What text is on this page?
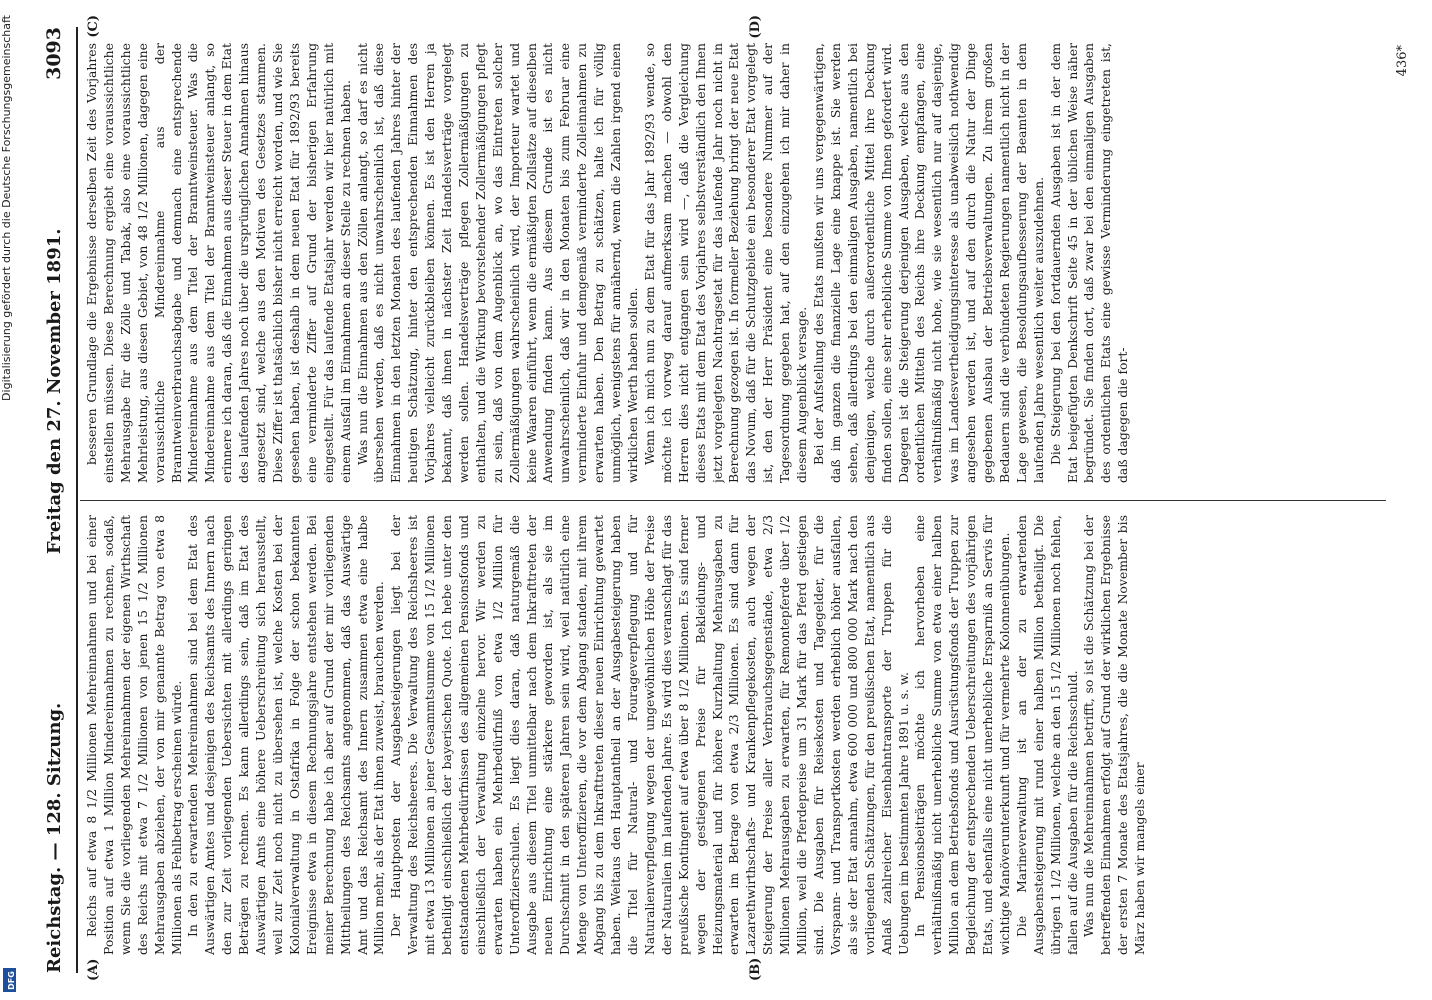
Digitalisierung gefördert durch die Deutsche Forschungsgemeinschaft
DFG
Reichstag. — 128. Sitzung.
Freitag den 27. November 1891.
3093
(A)	(B)
(C)	(D)

Reichs auf etwa 8 1/2 Millionen Mehreinnahmen und bei einer Position auf etwa 1 Million Mindereinnahmen zu rechnen, sodaß, wenn Sie die vorliegenden Mehreinnahmen der eigenen Wirthschaft des Reichs mit etwa 7 1/2 Millionen von jenen 15 1/2 Millionen Mehrausgaben abziehen, der von mir genannte Betrag von etwa 8 Millionen als Fehlbetrag erscheinen würde. In den zu erwartenden Mehreinnahmen sind bei dem Etat des Auswärtigen Amtes und desjenigen des Reichsamts des Innern nach den zur Zeit vorliegenden Uebersichten mit allerdings geringen Beträgen zu rechnen. Es kann allerdings sein, daß im Etat des Auswärtigen Amts eine höhere Ueberschreitung sich herausstellt, weil zur Zeit noch nicht zu übersehen ist, welche Kosten bei der Kolonialverwaltung in Ostafrika in Folge der schon bekannten Ereignisse etwa in diesem Rechnungsjahre entstehen werden. Bei meiner Berechnung habe ich aber auf Grund der mir vorliegenden Mittheilungen des Reichsamts angenommen, daß das Auswärtige Amt und das Reichsamt des Innern zusammen etwa eine halbe Million mehr, als der Etat ihnen zuweist, brauchen werden. Der Hauptposten der Ausgabesteigerungen liegt bei der Verwaltung des Reichsheeres. Die Verwaltung des Reichsheeres ist mit etwa 13 Millionen an jener Gesammtsumme von 15 1/2 Millionen betheiligt einschließlich der bayerischen Quote. Ich hebe unter den entstandenen Mehrbedürfnissen des allgemeinen Pensionsfonds und einschließlich der Verwaltung einzelne hervor. Wir werden zu erwarten haben ein Mehrbedürfniß von etwa 1/2 Million für Unteroffizierschulen. Es liegt dies daran, daß naturgemäß die Ausgabe aus diesem Titel unmittelbar nach dem Inkrafttreten der neuen Einrichtung eine stärkere geworden ist, als sie im Durchschnitt in den späteren Jahren sein wird, weil natürlich eine Menge von Unteroffizieren, die vor dem Abgang standen, mit ihrem Abgang bis zu dem Inkrafttreten dieser neuen Einrichtung gewartet haben. Weitaus den Hauptantheil an der Ausgabesteigerung haben die Titel für Natural- und Fourageverpflegung und für Naturalienverpflegung wegen der ungewöhnlichen Höhe der Preise der Naturalien im laufenden Jahre. Es wird dies veranschlagt für das preußische Kontingent auf etwa über 8 1/2 Millionen. Es sind ferner wegen der gestiegenen Preise für Bekleidungs- und Heizungsmaterial und für höhere Kurzhaltung Mehrausgaben zu erwarten im Betrage von etwa 2/3 Millionen. Es sind dann für Lazarethwirthschafts- und Krankenpflegekosten, auch wegen der Steigerung der Preise aller Verbrauchsgegenstände, etwa 2/3 Millionen Mehrausgaben zu erwarten, für Remontepferde über 1/2 Million, weil die Pferdepreise um 31 Mark für das Pferd gestiegen sind. Die Ausgaben für Reisekosten und Tagegelder, für die Vorspann- und Transportkosten werden erheblich höher ausfallen, als sie der Etat annahm, etwa 600 000 und 800 000 Mark nach den vorliegenden Schätzungen, für den preußischen Etat, namentlich aus Anlaß zahlreicher Eisenbahntransporte der Truppen für die Uebungen im bestimmten Jahre 1891 u. s. w. In Pensionsbeiträgen möchte ich hervorheben eine verhältnißmäßig nicht unerhebliche Summe von etwa einer halben Million an dem Betriebsfonds und Ausrüstungsfonds der Truppen zur Begleichung der entsprechenden Ueberschreitungen des vorjährigen Etats, und ebenfalls eine nicht unerhebliche Ersparniß an Servis für wichtige Manöverunterkunft und für vermehrte Kolonnenübungen. Die Marineverwaltung ist an der zu erwartenden Ausgabensteigerung mit rund einer halben Million betheiligt. Die übrigen 1 1/2 Millionen, welche an den 15 1/2 Millionen noch fehlen, fallen auf die Ausgaben für die Reichsschuld. Was nun die Mehreinnahmen betrifft, so ist die Schätzung bei der betreffenden Einnahmen erfolgt auf Grund der wirklichen Ergebnisse der ersten 7 Monate des Etatsjahres, die die Monate November bis März haben wir mangels einer

besseren Grundlage die Ergebnisse derselben Zeit des Vorjahres einstellen müssen. Diese Berechnung ergiebt eine voraussichtliche Mehrausgabe für die Zölle und Tabak, also eine voraussichtliche Mehrleistung, aus diesen Gebiet, von 48 1/2 Millionen, dagegen eine voraussichtliche Mindereinnahme aus der Branntweinverbrauchsabgabe und demnach eine entsprechende Mindereinnahme aus dem Titel der Branntweinsteuer. Was die Mindereinnahme aus dem Titel der Branntweinsteuer anlangt, so erinnere ich daran, daß die Einnahmen aus dieser Steuer in dem Etat des laufenden Jahres noch über die ursprünglichen Annahmen hinaus angesetzt sind, welche aus den Motiven des Gesetzes stammen. Diese Ziffer ist thatsächlich bisher nicht erreicht worden, und wie Sie gesehen haben, ist deshalb in dem neuen Etat für 1892/93 bereits eine verminderte Ziffer auf Grund der bisherigen Erfahrung eingestellt. Für das laufende Etatsjahr werden wir hier natürlich mit einem Ausfall im Einnahmen an dieser Stelle zu rechnen haben. Was nun die Einnahmen aus den Zöllen anlangt, so darf es nicht übersehen werden, daß es nicht unwahrscheinlich ist, daß diese Einnahmen in den letzten Monaten des laufenden Jahres hinter der heutigen Schätzung, hinter den entsprechenden Einnahmen des Vorjahres vielleicht zurückbleiben können. Es ist den Herren ja bekannt, daß ihnen in nächster Zeit Handelsverträge vorgelegt werden sollen. Handelsverträge pflegen Zollermäßigungen zu enthalten, und die Wirkung bevorstehender Zollermäßigungen pflegt zu sein, daß von dem Augenblick an, wo das Eintreten solcher Zollermäßigungen wahrscheinlich wird, der Importeur wartet und keine Waaren einführt, wenn die ermäßigten Zollsätze auf dieselben Anwendung finden kann. Aus diesem Grunde ist es nicht unwahrscheinlich, daß wir in den Monaten bis zum Februar eine verminderte Einfuhr und demgemäß verminderte Zolleinnahmen zu erwarten haben. Den Betrag zu schätzen, halte ich für völlig unmöglich, wenigstens für annähernd, wenn die Zahlen irgend einen wirklichen Werth haben sollen. Wenn ich mich nun zu dem Etat für das Jahr 1892/93 wende, so möchte ich vorweg darauf aufmerksam machen — obwohl den Herren dies nicht entgangen sein wird —, daß die Vergleichung dieses Etats mit dem Etat des Vorjahres selbstverständlich den Ihnen jetzt vorgelegten Nachtragsetat für das laufende Jahr noch nicht in Berechnung gezogen ist. In formeller Beziehung bringt der neue Etat das Novum, daß für die Schutzgebiete ein besonderer Etat vorgelegt ist, den der Herr Präsident eine besondere Nummer auf der Tagesordnung gegeben hat, auf den einzugehen ich mir daher in diesem Augenblick versage. Bei der Aufstellung des Etats mußten wir uns vergegenwärtigen, daß im ganzen die finanzielle Lage eine knappe ist. Sie werden sehen, daß allerdings bei den einmaligen Ausgaben, namentlich bei denjenigen, welche durch außerordentliche Mittel ihre Deckung finden sollen, eine sehr erhebliche Summe von Ihnen gefordert wird. Dagegen ist die Steigerung derjenigen Ausgaben, welche aus den ordentlichen Mitteln des Reichs ihre Deckung empfangen, eine verhältnißmäßig nicht hohe, wie sie wesentlich nur auf dasjenige, was im Landesvertheidigungsinteresse als unabweislich nothwendig angesehen werden ist, und auf den durch die Natur der Dinge gegebenen Ausbau der Betriebsverwaltungen. Zu ihrem großen Bedauern sind die verbündeten Regierungen namentlich nicht in der Lage gewesen, die Besoldungsaufbesserung der Beamten in dem laufenden Jahre wesentlich weiter auszudehnen. Die Steigerung bei den fortdauernden Ausgaben ist in der dem Etat beigefügten Denkschrift Seite 45 in der üblichen Weise näher begründet. Sie finden dort, daß zwar bei den einmaligen Ausgaben des ordentlichen Etats eine gewisse Verminderung eingetreten ist, daß dagegen die fort-

436*
